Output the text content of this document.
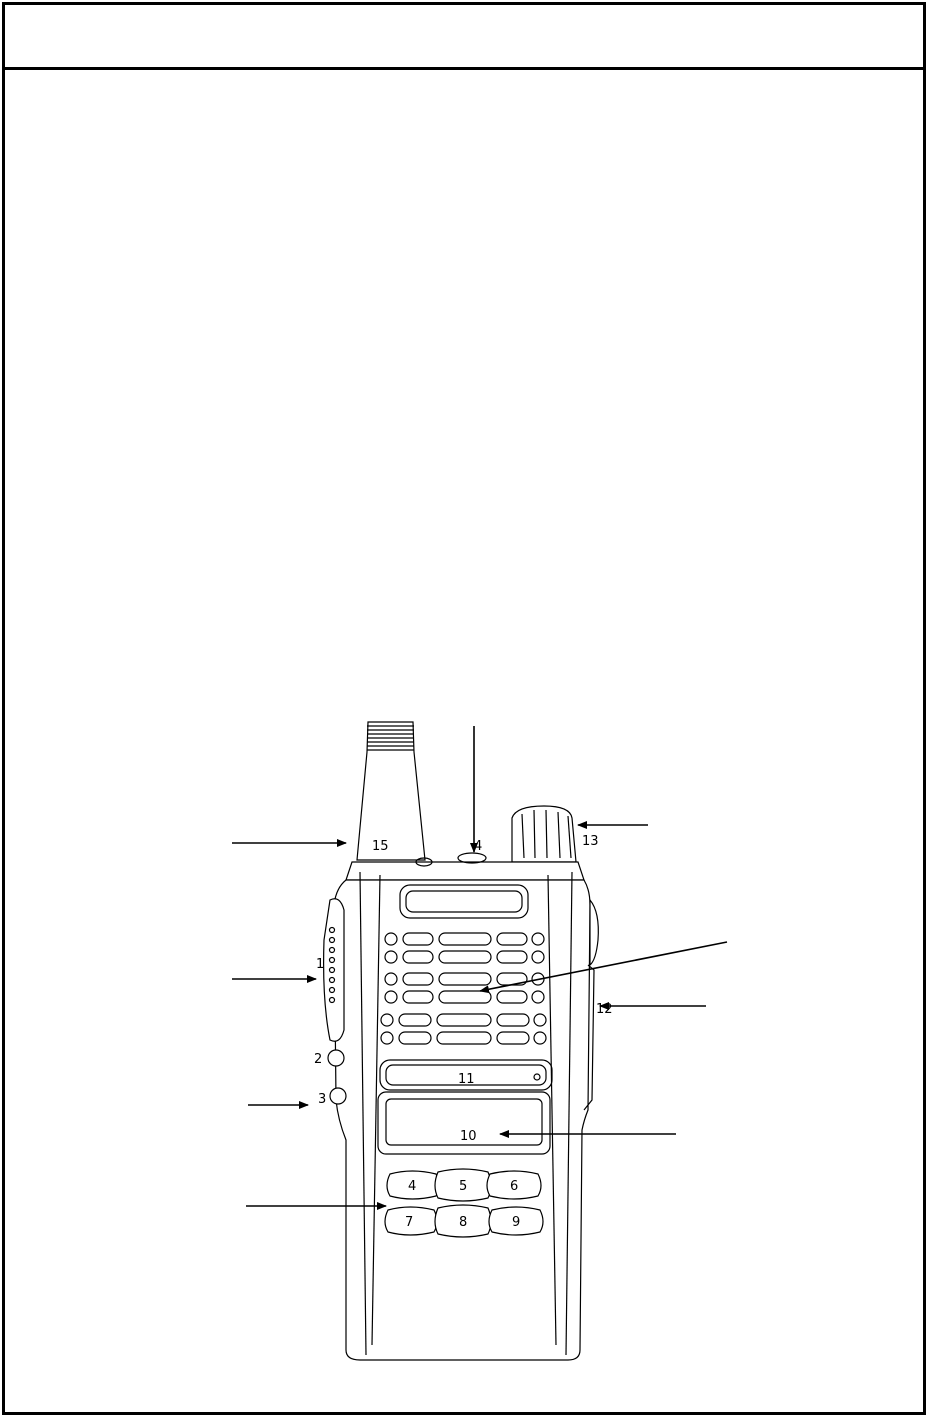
1
2
3
4
10
11
12
13
15
4	5	6
7	8	9
